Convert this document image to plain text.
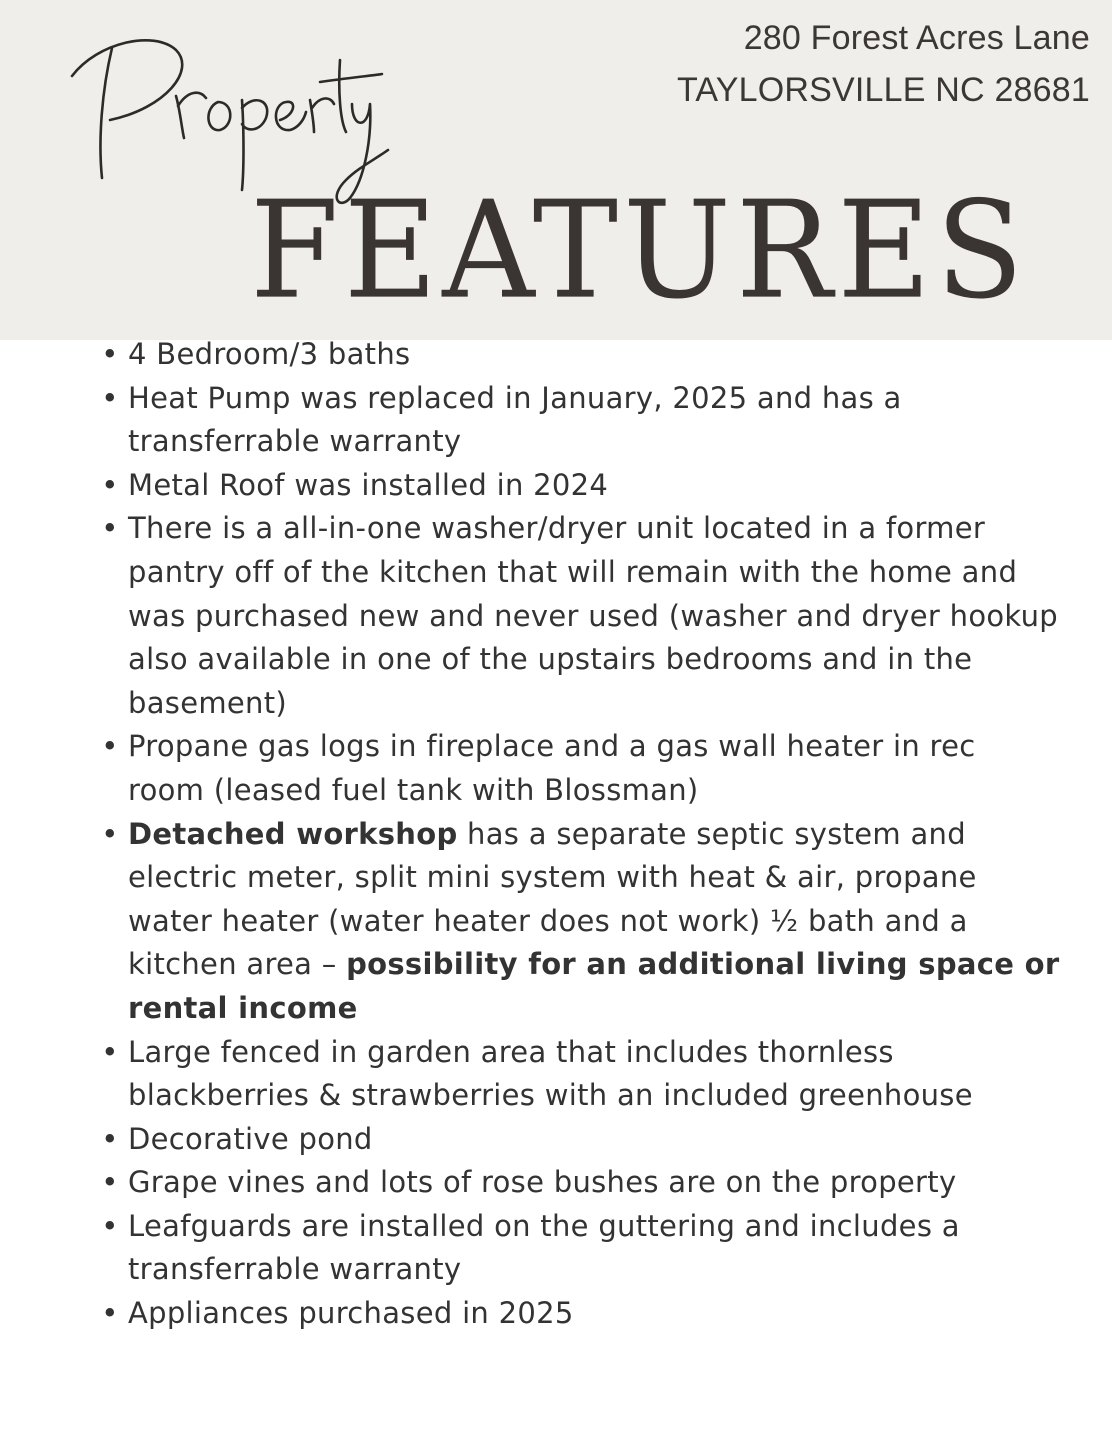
280 Forest Acres Lane
TAYLORSVILLE NC 28681
FEATURES
• 4 Bedroom/3 baths
• Heat Pump was replaced in January, 2025 and has a transferrable warranty
• Metal Roof was installed in 2024
• There is a all-in-one washer/dryer unit located in a former pantry off of the kitchen that will remain with the home and was purchased new and never used (washer and dryer hookup also available in one of the upstairs bedrooms and in the basement)
• Propane gas logs in fireplace and a gas wall heater in rec room (leased fuel tank with Blossman)
• Detached workshop has a separate septic system and electric meter, split mini system with heat & air, propane water heater (water heater does not work) ½ bath and a kitchen area – possibility for an additional living space or rental income
• Large fenced in garden area that includes thornless blackberries & strawberries with an included greenhouse
• Decorative pond
• Grape vines and lots of rose bushes are on the property
• Leafguards are installed on the guttering and includes a transferrable warranty
• Appliances purchased in 2025
